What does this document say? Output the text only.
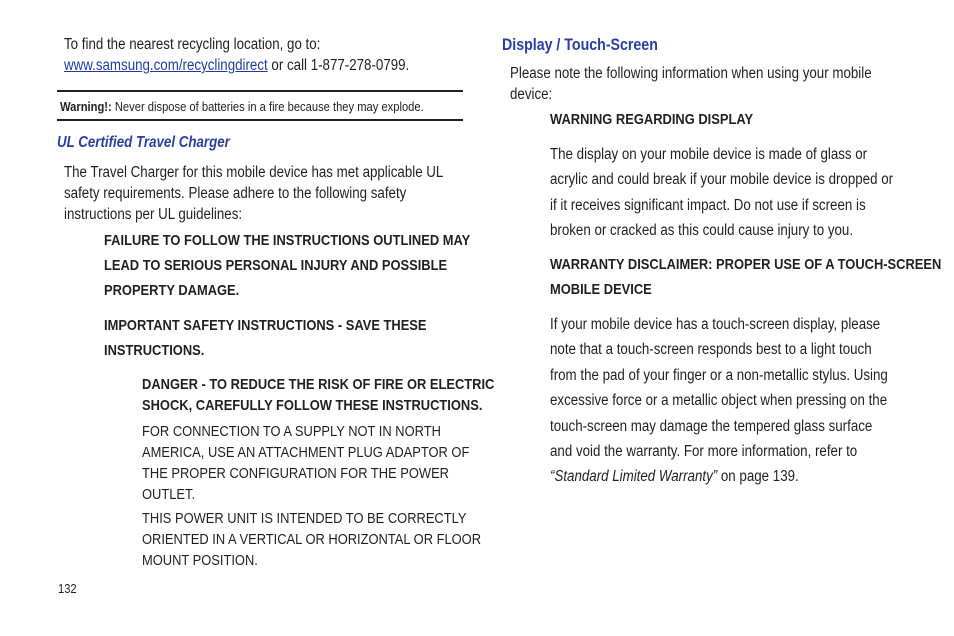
To find the nearest recycling location, go to:
www.samsung.com/recyclingdirect or call 1-877-278-0799.
Warning!: Never dispose of batteries in a fire because they may explode.
UL Certified Travel Charger
The Travel Charger for this mobile device has met applicable UL
safety requirements. Please adhere to the following safety
instructions per UL guidelines:
FAILURE TO FOLLOW THE INSTRUCTIONS OUTLINED MAY
LEAD TO SERIOUS PERSONAL INJURY AND POSSIBLE
PROPERTY DAMAGE.
IMPORTANT SAFETY INSTRUCTIONS - SAVE THESE
INSTRUCTIONS.
DANGER - TO REDUCE THE RISK OF FIRE OR ELECTRIC
SHOCK, CAREFULLY FOLLOW THESE INSTRUCTIONS.
FOR CONNECTION TO A SUPPLY NOT IN NORTH
AMERICA, USE AN ATTACHMENT PLUG ADAPTOR OF
THE PROPER CONFIGURATION FOR THE POWER
OUTLET.
THIS POWER UNIT IS INTENDED TO BE CORRECTLY
ORIENTED IN A VERTICAL OR HORIZONTAL OR FLOOR
MOUNT POSITION.
132
Display / Touch-Screen
Please note the following information when using your mobile
device:
WARNING REGARDING DISPLAY
The display on your mobile device is made of glass or
acrylic and could break if your mobile device is dropped or
if it receives significant impact. Do not use if screen is
broken or cracked as this could cause injury to you.
WARRANTY DISCLAIMER: PROPER USE OF A TOUCH-SCREEN
MOBILE DEVICE
If your mobile device has a touch-screen display, please
note that a touch-screen responds best to a light touch
from the pad of your finger or a non-metallic stylus. Using
excessive force or a metallic object when pressing on the
touch-screen may damage the tempered glass surface
and void the warranty. For more information, refer to
“Standard Limited Warranty” on page 139.
